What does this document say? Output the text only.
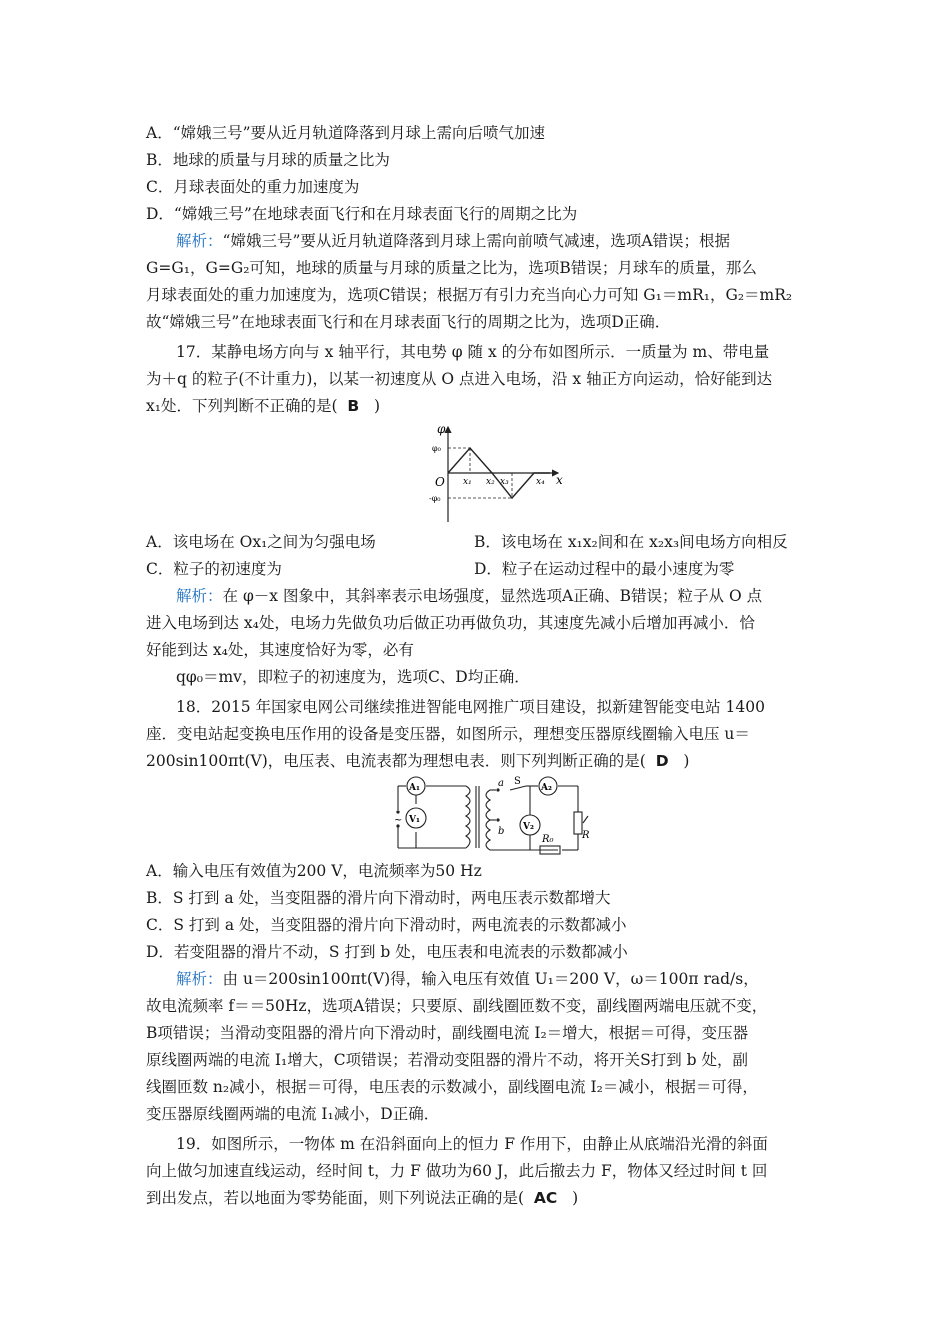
A．“嫦娥三号”要从近月轨道降落到月球上需向后喷气加速
B．地球的质量与月球的质量之比为
C．月球表面处的重力加速度为
D．“嫦娥三号”在地球表面飞行和在月球表面飞行的周期之比为
解析：“嫦娥三号”要从近月轨道降落到月球上需向前喷气减速，选项A错误；根据
G=G₁，G=G₂可知，地球的质量与月球的质量之比为，选项B错误；月球车的质量，那么
月球表面处的重力加速度为，选项C错误；根据万有引力充当向心力可知 G₁＝mR₁，G₂＝mR₂
故“嫦娥三号”在地球表面飞行和在月球表面飞行的周期之比为，选项D正确．
17．某静电场方向与 x 轴平行，其电势 φ 随 x 的分布如图所示．一质量为 m、带电量
为＋q 的粒子(不计重力)，以某一初速度从 O 点进入电场，沿 x 轴正方向运动，恰好能到达
x₁处．下列判断不正确的是( B )
φ
x
O
φ₀
-φ₀
x₁ x₂ x₃	x₄
A．该电场在 Ox₁之间为匀强电场	B．该电场在 x₁x₂间和在 x₂x₃间电场方向相反
C．粒子的初速度为	D．粒子在运动过程中的最小速度为零
解析：在 φ－x 图象中，其斜率表示电场强度，显然选项A正确、B错误；粒子从 O 点
进入电场到达 x₄处，电场力先做负功后做正功再做负功，其速度先减小后增加再减小．恰
好能到达 x₄处，其速度恰好为零，必有
qφ₀＝mv，即粒子的初速度为，选项C、D均正确．
18．2015 年国家电网公司继续推进智能电网推广项目建设，拟新建智能变电站 1400
座．变电站起变换电压作用的设备是变压器，如图所示，理想变压器原线圈输入电压 u＝
200sin100πt(V)，电压表、电流表都为理想电表．则下列判断正确的是( D )
~
A₁
V₁
A₂
V₂
a
b
S
R
R₀
A．输入电压有效值为200 V，电流频率为50 Hz
B．S 打到 a 处，当变阻器的滑片向下滑动时，两电压表示数都增大
C．S 打到 a 处，当变阻器的滑片向下滑动时，两电流表的示数都减小
D．若变阻器的滑片不动，S 打到 b 处，电压表和电流表的示数都减小
解析：由 u＝200sin100πt(V)得，输入电压有效值 U₁＝200 V，ω＝100π rad/s，
故电流频率 f＝＝50Hz，选项A错误；只要原、副线圈匝数不变，副线圈两端电压就不变，
B项错误；当滑动变阻器的滑片向下滑动时，副线圈电流 I₂＝增大，根据＝可得，变压器
原线圈两端的电流 I₁增大，C项错误；若滑动变阻器的滑片不动，将开关S打到 b 处，副
线圈匝数 n₂减小，根据＝可得，电压表的示数减小，副线圈电流 I₂＝减小，根据＝可得，
变压器原线圈两端的电流 I₁减小，D正确．
19．如图所示，一物体 m 在沿斜面向上的恒力 F 作用下，由静止从底端沿光滑的斜面
向上做匀加速直线运动，经时间 t，力 F 做功为60 J，此后撤去力 F，物体又经过时间 t 回
到出发点，若以地面为零势能面，则下列说法正确的是( AC )
